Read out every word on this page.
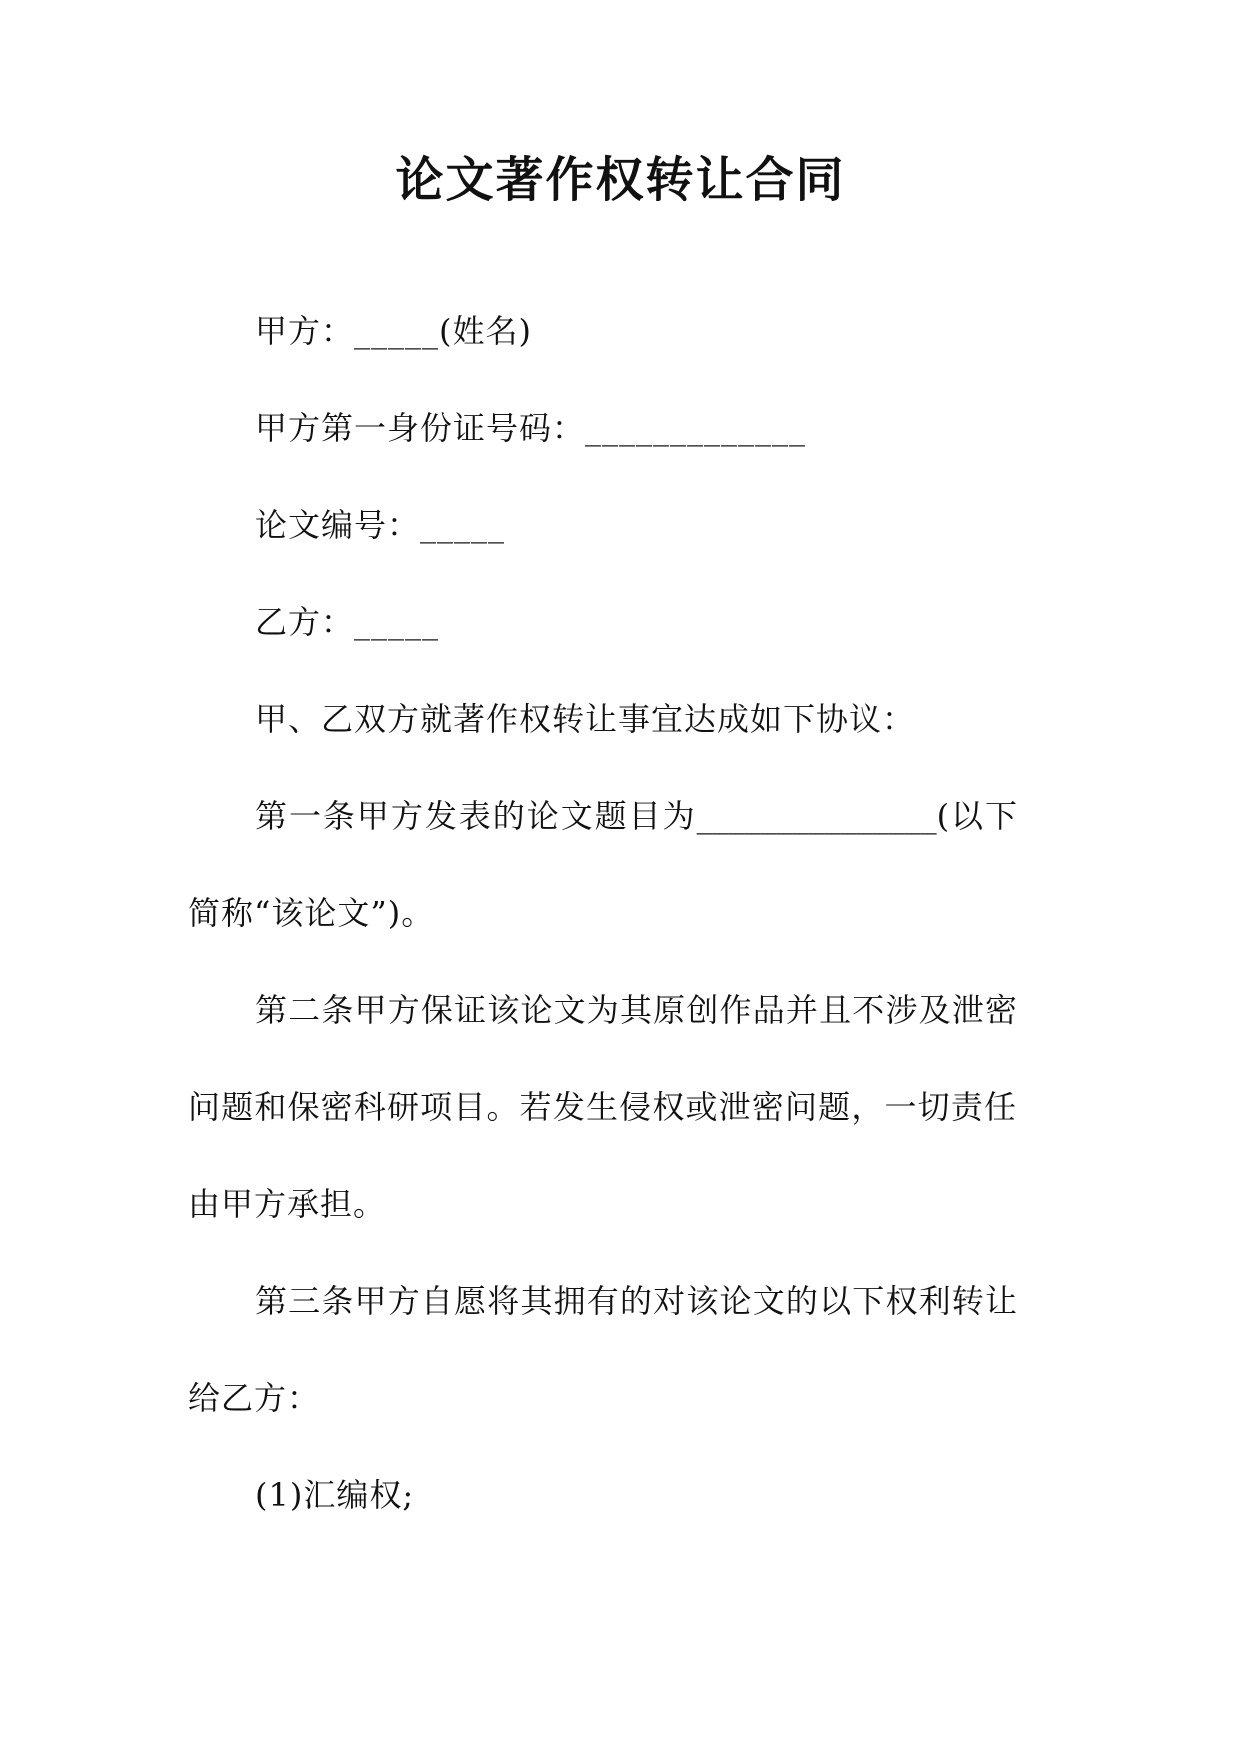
论文著作权转让合同
甲方：_____(姓名)
甲方第一身份证号码：_____________
论文编号：_____
乙方：_____
甲、乙双方就著作权转让事宜达成如下协议：
第一条甲方发表的论文题目为_______________(以下
简称“该论文”)。
第二条甲方保证该论文为其原创作品并且不涉及泄密
问题和保密科研项目。若发生侵权或泄密问题，一切责任
由甲方承担。
第三条甲方自愿将其拥有的对该论文的以下权利转让
给乙方：
(1)汇编权;
